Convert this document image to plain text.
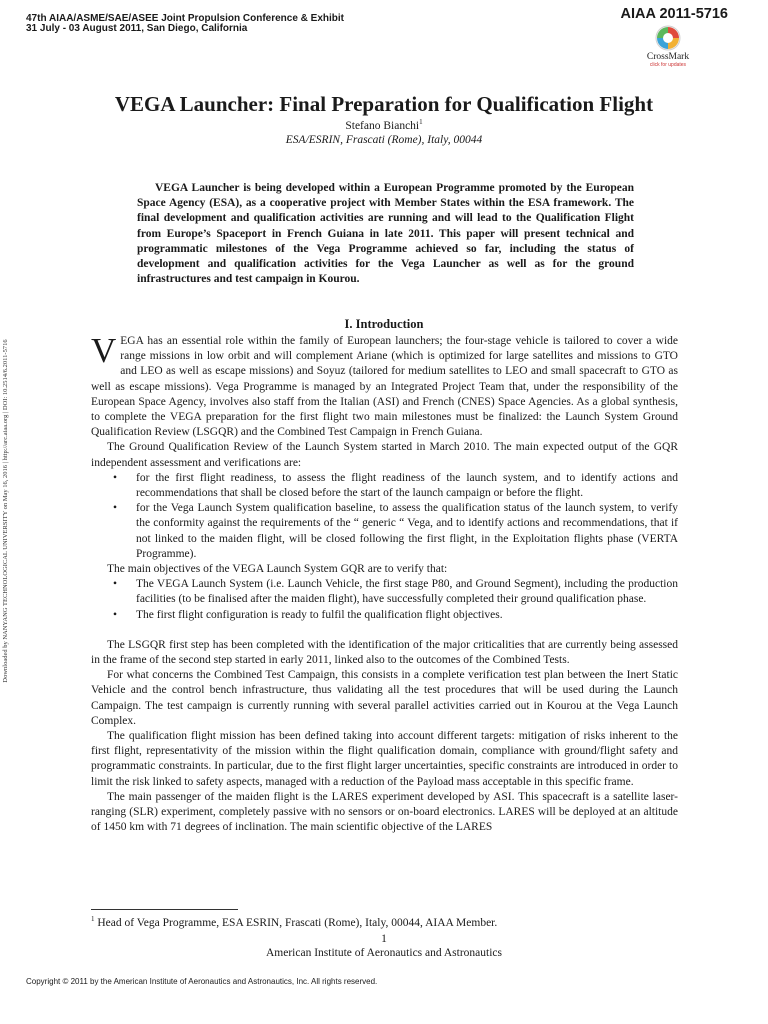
47th AIAA/ASME/SAE/ASEE Joint Propulsion Conference & Exhibit
31 July - 03 August 2011, San Diego, California
AIAA 2011-5716
CrossMark
click for updates
Downloaded by NANYANG TECHNOLOGICAL UNIVERSITY on May 16, 2016 | http://arc.aiaa.org | DOI: 10.2514/6.2011-5716
VEGA Launcher: Final Preparation for Qualification Flight
Stefano Bianchi$^1$
ESA/ESRIN, Frascati (Rome), Italy, 00044

VEGA Launcher is being developed within a European Programme promoted by the European Space Agency (ESA), as a cooperative project with Member States within the ESA framework. The final development and qualification activities are running and will lead to the Qualification Flight from Europe’s Spaceport in French Guiana in late 2011. This paper will present technical and programmatic milestones of the Vega Programme achieved so far, including the status of development and qualification activities for the Vega Launcher as well as for the ground infrastructures and test campaign in Kourou.

I. Introduction

VEGA has an essential role within the family of European launchers; the four-stage vehicle is tailored to cover a wide range missions in low orbit and will complement Ariane (which is optimized for large satellites and missions to GTO and LEO as well as escape missions) and Soyuz (tailored for medium satellites to LEO and small spacecraft to GTO as well as escape missions). Vega Programme is managed by an Integrated Project Team that, under the responsibility of the European Space Agency, involves also staff from the Italian (ASI) and French (CNES) Space Agencies. As a global synthesis, to complete the VEGA preparation for the first flight two main milestones must be finalized: the Launch System Ground Qualification Review (LSGQR) and the Combined Test Campaign in French Guiana.

The Ground Qualification Review of the Launch System started in March 2010. The main expected output of the GQR independent assessment and verifications are:

• for the first flight readiness, to assess the flight readiness of the launch system, and to identify actions and recommendations that shall be closed before the start of the launch campaign or before the flight.
• for the Vega Launch System qualification baseline, to assess the qualification status of the launch system, to verify the conformity against the requirements of the “ generic “ Vega, and to identify actions and recommendations, that if not linked to the maiden flight, will be closed following the first flight, in the Exploitation flights phase (VERTA Programme).

The main objectives of the VEGA Launch System GQR are to verify that:

• The VEGA Launch System (i.e. Launch Vehicle, the first stage P80, and Ground Segment), including the production facilities (to be finalised after the maiden flight), have successfully completed their ground qualification phase.
• The first flight configuration is ready to fulfil the qualification flight objectives.

The LSGQR first step has been completed with the identification of the major criticalities that are currently being assessed in the frame of the second step started in early 2011, linked also to the outcomes of the Combined Tests.

For what concerns the Combined Test Campaign, this consists in a complete verification test plan between the Inert Static Vehicle and the control bench infrastructure, thus validating all the test procedures that will be used during the Launch Campaign. The test campaign is currently running with several parallel activities carried out in Kourou at the Vega Launch Complex.

The qualification flight mission has been defined taking into account different targets: mitigation of risks inherent to the first flight, representativity of the mission within the flight qualification domain, compliance with ground/flight safety and programmatic constraints. In particular, due to the first flight larger uncertainties, specific constraints are introduced in order to limit the risk linked to safety aspects, managed with a reduction of the Payload mass acceptable in this specific frame.

The main passenger of the maiden flight is the LARES experiment developed by ASI. This spacecraft is a satellite laser-ranging (SLR) experiment, completely passive with no sensors or on-board electronics. LARES will be deployed at an altitude of 1450 km with 71 degrees of inclination. The main scientific objective of the LARES

$^1$ Head of Vega Programme, ESA ESRIN, Frascati (Rome), Italy, 00044, AIAA Member.
1
American Institute of Aeronautics and Astronautics
Copyright © 2011 by the American Institute of Aeronautics and Astronautics, Inc. All rights reserved.
